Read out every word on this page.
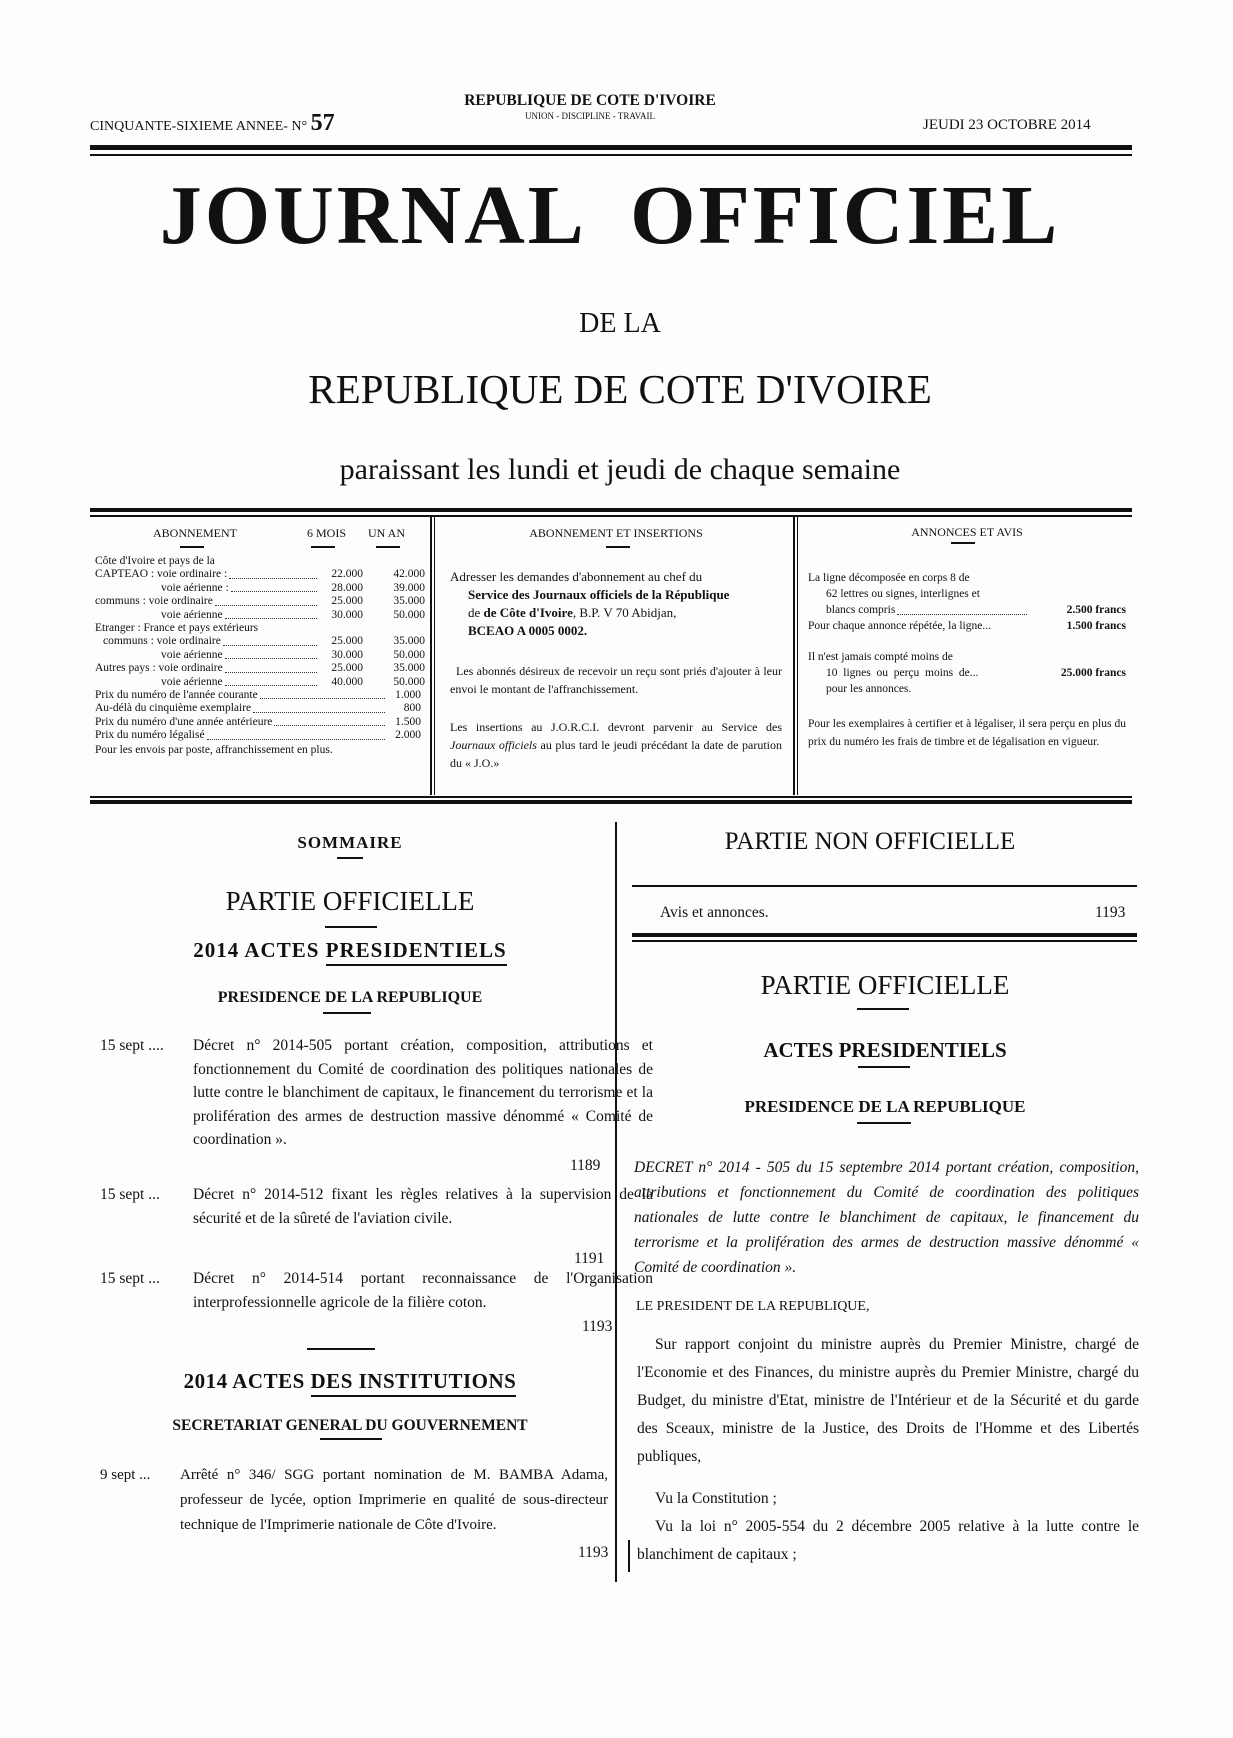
CINQUANTE-SIXIEME ANNEE- N° 57
REPUBLIQUE DE COTE D'IVOIRE
UNION - DISCIPLINE - TRAVAIL
JEUDI 23 OCTOBRE 2014
JOURNAL  OFFICIEL
DE LA
REPUBLIQUE DE COTE D'IVOIRE
paraissant les lundi et jeudi de chaque semaine
ABONNEMENT	6 MOIS	UN AN
Côte d'Ivoire et pays de la
CAPTEAO : voie ordinaire :	22.000	42.000
voie aérienne :	28.000	39.000
communs : voie ordinaire	25.000	35.000
voie aérienne	30.000	50.000
Etranger : France et pays extérieurs
communs : voie ordinaire	25.000	35.000
voie aérienne	30.000	50.000
Autres pays : voie ordinaire	25.000	35.000
voie aérienne	40.000	50.000
Prix du numéro de l'année courante	1.000
Au-délà du cinquième exemplaire	800
Prix du numéro d'une année antérieure	1.500
Prix du numéro légalisé	2.000
Pour les envois par poste, affranchissement en plus.
ABONNEMENT ET INSERTIONS
Adresser les demandes d'abonnement au chef du
Service des Journaux officiels de la République
de de Côte d'Ivoire, B.P. V 70 Abidjan,
BCEAO A 0005 0002.
Les abonnés désireux de recevoir un reçu sont priés d'ajouter à leur envoi le montant de l'affranchissement.
Les insertions au J.O.R.C.I. devront parvenir au Service des Journaux officiels au plus tard le jeudi précédant la date de parution du « J.O.»
ANNONCES ET AVIS
La ligne décomposée en corps 8 de
62 lettres ou signes, interlignes et
blancs compris	2.500 francs
Pour chaque annonce répétée, la ligne...	1.500 francs
Il n'est jamais compté moins de
10  lignes  ou  perçu  moins  de...	25.000 francs
pour les annonces.
Pour les exemplaires à certifier et à légaliser, il sera perçu en plus du prix du numéro les frais de timbre et de légalisation en vigueur.
SOMMAIRE
PARTIE OFFICIELLE
2014 ACTES PRESIDENTIELS
PRESIDENCE DE LA REPUBLIQUE
15 sept .... Décret n° 2014-505 portant création, composition, attributions et fonctionnement du Comité de coordination des politiques nationales de lutte contre le blanchiment de capitaux, le financement du terrorisme et la prolifération des armes de destruction massive dénommé « Comité de coordination ».
1189
15 sept ... Décret n° 2014-512 fixant les règles relatives à la supervision de la sécurité et de la sûreté de l'aviation civile.
1191
15 sept ... Décret n° 2014-514 portant reconnaissance de l'Organisation interprofessionnelle agricole de la filière coton.
1193
2014 ACTES DES INSTITUTIONS
SECRETARIAT GENERAL DU GOUVERNEMENT
9 sept ... Arrêté n° 346/ SGG portant nomination de M. BAMBA Adama, professeur de lycée, option Imprimerie en qualité de sous-directeur technique de l'Imprimerie nationale de Côte d'Ivoire.
1193
PARTIE NON OFFICIELLE
Avis et annonces.	1193
PARTIE OFFICIELLE
ACTES PRESIDENTIELS
PRESIDENCE DE LA REPUBLIQUE
DECRET n° 2014 - 505 du 15 septembre 2014 portant création, composition, attributions et fonctionnement du Comité de coordination des politiques nationales de lutte contre le blanchiment de capitaux, le financement du terrorisme et la prolifération des armes de destruction massive dénommé « Comité de coordination ».
LE PRESIDENT DE LA REPUBLIQUE,
Sur rapport conjoint du ministre auprès du Premier Ministre, chargé de l'Economie et des Finances, du ministre auprès du Premier Ministre, chargé du Budget, du ministre d'Etat, ministre de l'Intérieur et de la Sécurité et du garde des Sceaux, ministre de la Justice, des Droits de l'Homme et des Libertés publiques,
Vu la Constitution ;
Vu la loi n° 2005-554 du 2 décembre 2005 relative à la lutte contre le blanchiment de capitaux ;
